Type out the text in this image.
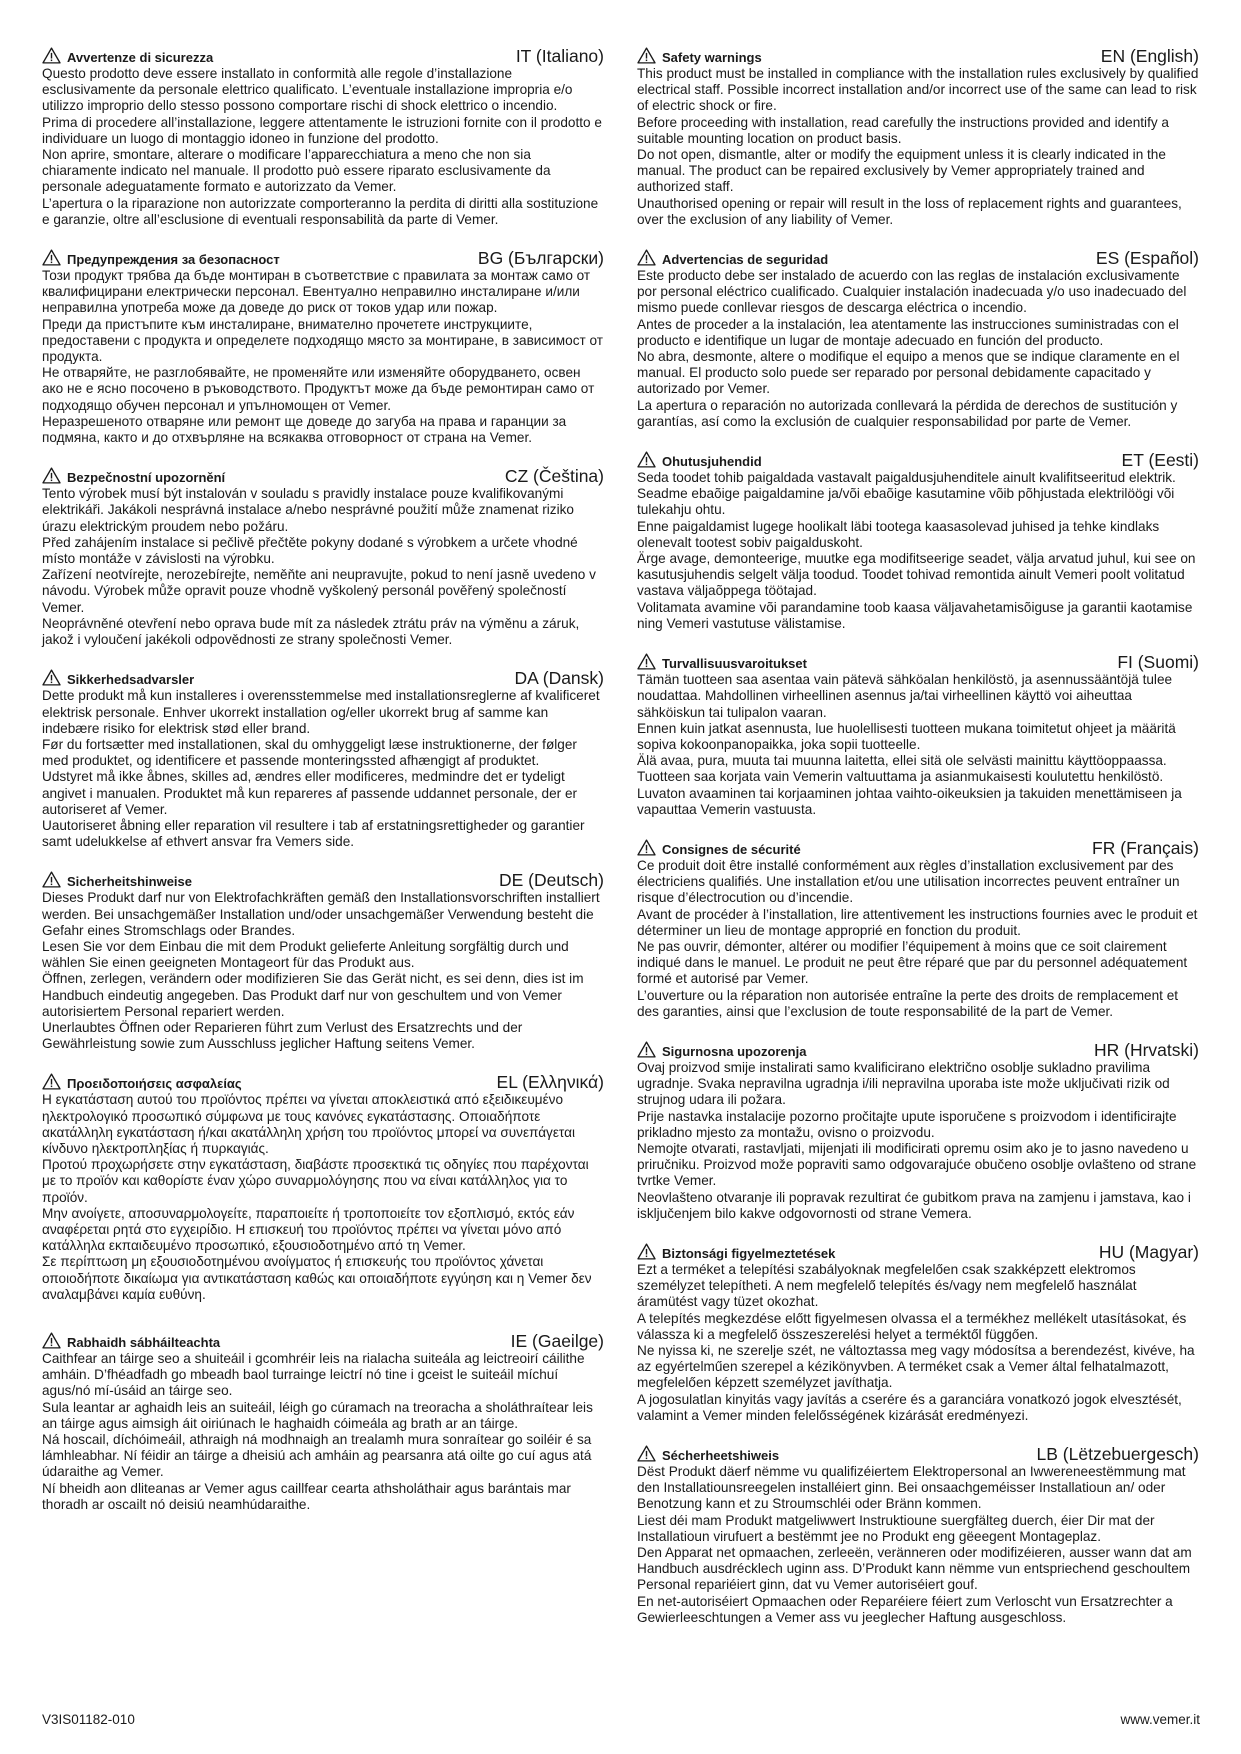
Avvertenze di sicurezza	IT (Italiano)

Questo prodotto deve essere installato in conformità alle regole d’installazione esclusivamente da personale elettrico qualificato. L’eventuale installazione impropria e/o utilizzo improprio dello stesso possono comportare rischi di shock elettrico o incendio.

Prima di procedere all’installazione, leggere attentamente le istruzioni fornite con il prodotto e individuare un luogo di montaggio idoneo in funzione del prodotto.

Non aprire, smontare, alterare o modificare l’apparecchiatura a meno che non sia chiaramente indicato nel manuale. Il prodotto può essere riparato esclusivamente da personale adeguatamente formato e autorizzato da Vemer.

L’apertura o la riparazione non autorizzate comporteranno la perdita di diritti alla sostituzione e garanzie, oltre all’esclusione di eventuali responsabilità da parte di Vemer.

Предупреждения за безопасност	BG (Български)

Този продукт трябва да бъде монтиран в съответствие с правилата за монтаж само от квалифицирани електрически персонал. Евентуално неправилно инсталиране и/или неправилна употреба може да доведе до риск от токов удар или пожар.

Преди да пристъпите към инсталиране, внимателно прочетете инструкциите, предоставени с продукта и определете подходящо място за монтиране, в зависимост от продукта.

Не отваряйте, не разглобявайте, не променяйте или изменяйте оборудването, освен ако не е ясно посочено в ръководството. Продуктът може да бъде ремонтиран само от подходящо обучен персонал и упълномощен от Vemer.

Неразрешеното отваряне или ремонт ще доведе до загуба на права и гаранции за подмяна, както и до отхвърляне на всякаква отговорност от страна на Vemer.

Bezpečnostní upozornění	CZ (Čeština)

Tento výrobek musí být instalován v souladu s pravidly instalace pouze kvalifikovanými elektrikáři. Jakákoli nesprávná instalace a/nebo nesprávné použití může znamenat riziko úrazu elektrickým proudem nebo požáru.

Před zahájením instalace si pečlivě přečtěte pokyny dodané s výrobkem a určete vhodné místo montáže v závislosti na výrobku.

Zařízení neotvírejte, nerozebírejte, neměňte ani neupravujte, pokud to není jasně uvedeno v návodu. Výrobek může opravit pouze vhodně vyškolený personál pověřený společností Vemer.

Neoprávněné otevření nebo oprava bude mít za následek ztrátu práv na výměnu a záruk, jakož i vyloučení jakékoli odpovědnosti ze strany společnosti Vemer.

Sikkerhedsadvarsler	DA (Dansk)

Dette produkt må kun installeres i overensstemmelse med installationsreglerne af kvalificeret elektrisk personale. Enhver ukorrekt installation og/eller ukorrekt brug af samme kan indebære risiko for elektrisk stød eller brand.

Før du fortsætter med installationen, skal du omhyggeligt læse instruktionerne, der følger med produktet, og identificere et passende monteringssted afhængigt af produktet.

Udstyret må ikke åbnes, skilles ad, ændres eller modificeres, medmindre det er tydeligt angivet i manualen. Produktet må kun repareres af passende uddannet personale, der er autoriseret af Vemer.

Uautoriseret åbning eller reparation vil resultere i tab af erstatningsrettigheder og garantier samt udelukkelse af ethvert ansvar fra Vemers side.

Sicherheitshinweise	DE (Deutsch)

Dieses Produkt darf nur von Elektrofachkräften gemäß den Installationsvorschriften installiert werden. Bei unsachgemäßer Installation und/oder unsachgemäßer Verwendung besteht die Gefahr eines Stromschlags oder Brandes.

Lesen Sie vor dem Einbau die mit dem Produkt gelieferte Anleitung sorgfältig durch und wählen Sie einen geeigneten Montageort für das Produkt aus.

Öffnen, zerlegen, verändern oder modifizieren Sie das Gerät nicht, es sei denn, dies ist im Handbuch eindeutig angegeben. Das Produkt darf nur von geschultem und von Vemer autorisiertem Personal repariert werden.

Unerlaubtes Öffnen oder Reparieren führt zum Verlust des Ersatzrechts und der Gewährleistung sowie zum Ausschluss jeglicher Haftung seitens Vemer.

Προειδοποιήσεις ασφαλείας	EL (Ελληνικά)

Η εγκατάσταση αυτού του προϊόντος πρέπει να γίνεται αποκλειστικά από εξειδικευμένο ηλεκτρολογικό προσωπικό σύμφωνα με τους κανόνες εγκατάστασης. Οποιαδήποτε ακατάλληλη εγκατάσταση ή/και ακατάλληλη χρήση του προϊόντος μπορεί να συνεπάγεται κίνδυνο ηλεκτροπληξίας ή πυρκαγιάς.

Προτού προχωρήσετε στην εγκατάσταση, διαβάστε προσεκτικά τις οδηγίες που παρέχονται με το προϊόν και καθορίστε έναν χώρο συναρμολόγησης που να είναι κατάλληλος για το προϊόν.

Μην ανοίγετε, αποσυναρμολογείτε, παραποιείτε ή τροποποιείτε τον εξοπλισμό, εκτός εάν αναφέρεται ρητά στο εγχειρίδιο. Η επισκευή του προϊόντος πρέπει να γίνεται μόνο από κατάλληλα εκπαιδευμένο προσωπικό, εξουσιοδοτημένο από τη Vemer.

Σε περίπτωση μη εξουσιοδοτημένου ανοίγματος ή επισκευής του προϊόντος χάνεται οποιοδήποτε δικαίωμα για αντικατάσταση καθώς και οποιαδήποτε εγγύηση και η Vemer δεν αναλαμβάνει καμία ευθύνη.

Rabhaidh sábháilteachta	IE (Gaeilge)

Caithfear an táirge seo a shuiteáil i gcomhréir leis na rialacha suiteála ag leictreoirí cáilithe amháin. D’fhéadfadh go mbeadh baol turrainge leictrí nó tine i gceist le suiteáil míchuí agus/nó mí-úsáid an táirge seo.

Sula leantar ar aghaidh leis an suiteáil, léigh go cúramach na treoracha a sholáthraítear leis an táirge agus aimsigh áit oiriúnach le haghaidh cóimeála ag brath ar an táirge.

Ná hoscail, díchóimeáil, athraigh ná modhnaigh an trealamh mura sonraítear go soiléir é sa lámhleabhar. Ní féidir an táirge a dheisiú ach amháin ag pearsanra atá oilte go cuí agus atá údaraithe ag Vemer.

Ní bheidh aon dliteanas ar Vemer agus caillfear cearta athsholáthair agus barántais mar thoradh ar oscailt nó deisiú neamhúdaraithe.

Safety warnings	EN (English)

This product must be installed in compliance with the installation rules exclusively by qualified electrical staff. Possible incorrect installation and/or incorrect use of the same can lead to risk of electric shock or fire.

Before proceeding with installation, read carefully the instructions provided and identify a suitable mounting location on product basis.

Do not open, dismantle, alter or modify the equipment unless it is clearly indicated in the manual. The product can be repaired exclusively by Vemer appropriately trained and authorized staff.

Unauthorised opening or repair will result in the loss of replacement rights and guarantees, over the exclusion of any liability of Vemer.

Advertencias de seguridad	ES (Español)

Este producto debe ser instalado de acuerdo con las reglas de instalación exclusivamente por personal eléctrico cualificado. Cualquier instalación inadecuada y/o uso inadecuado del mismo puede conllevar riesgos de descarga eléctrica o incendio.

Antes de proceder a la instalación, lea atentamente las instrucciones suministradas con el producto e identifique un lugar de montaje adecuado en función del producto.

No abra, desmonte, altere o modifique el equipo a menos que se indique claramente en el manual. El producto solo puede ser reparado por personal debidamente capacitado y autorizado por Vemer.

La apertura o reparación no autorizada conllevará la pérdida de derechos de sustitución y garantías, así como la exclusión de cualquier responsabilidad por parte de Vemer.

Ohutusjuhendid	ET (Eesti)

Seda toodet tohib paigaldada vastavalt paigaldusjuhenditele ainult kvalifitseeritud elektrik. Seadme ebaõige paigaldamine ja/või ebaõige kasutamine võib põhjustada elektrilöögi või tulekahju ohtu.

Enne paigaldamist lugege hoolikalt läbi tootega kaasasolevad juhised ja tehke kindlaks olenevalt tootest sobiv paigalduskoht.

Ärge avage, demonteerige, muutke ega modifitseerige seadet, välja arvatud juhul, kui see on kasutusjuhendis selgelt välja toodud. Toodet tohivad remontida ainult Vemeri poolt volitatud vastava väljaõppega töötajad.

Volitamata avamine või parandamine toob kaasa väljavahetamisõiguse ja garantii kaotamise ning Vemeri vastutuse välistamise.

Turvallisuusvaroitukset	FI (Suomi)

Tämän tuotteen saa asentaa vain pätevä sähköalan henkilöstö, ja asennussääntöjä tulee noudattaa. Mahdollinen virheellinen asennus ja/tai virheellinen käyttö voi aiheuttaa sähköiskun tai tulipalon vaaran.

Ennen kuin jatkat asennusta, lue huolellisesti tuotteen mukana toimitetut ohjeet ja määritä sopiva kokoonpanopaikka, joka sopii tuotteelle.

Älä avaa, pura, muuta tai muunna laitetta, ellei sitä ole selvästi mainittu käyttöoppaassa. Tuotteen saa korjata vain Vemerin valtuuttama ja asianmukaisesti koulutettu henkilöstö.

Luvaton avaaminen tai korjaaminen johtaa vaihto-oikeuksien ja takuiden menettämiseen ja vapauttaa Vemerin vastuusta.

Consignes de sécurité	FR (Français)

Ce produit doit être installé conformément aux règles d’installation exclusivement par des électriciens qualifiés. Une installation et/ou une utilisation incorrectes peuvent entraîner un risque d’électrocution ou d’incendie.

Avant de procéder à l’installation, lire attentivement les instructions fournies avec le produit et déterminer un lieu de montage approprié en fonction du produit.

Ne pas ouvrir, démonter, altérer ou modifier l’équipement à moins que ce soit clairement indiqué dans le manuel. Le produit ne peut être réparé que par du personnel adéquatement formé et autorisé par Vemer.

L’ouverture ou la réparation non autorisée entraîne la perte des droits de remplacement et des garanties, ainsi que l’exclusion de toute responsabilité de la part de Vemer.

Sigurnosna upozorenja	HR (Hrvatski)

Ovaj proizvod smije instalirati samo kvalificirano električno osoblje sukladno pravilima ugradnje. Svaka nepravilna ugradnja i/ili nepravilna uporaba iste može uključivati rizik od strujnog udara ili požara.

Prije nastavka instalacije pozorno pročitajte upute isporučene s proizvodom i identificirajte prikladno mjesto za montažu, ovisno o proizvodu.

Nemojte otvarati, rastavljati, mijenjati ili modificirati opremu osim ako je to jasno navedeno u priručniku. Proizvod može popraviti samo odgovarajuće obučeno osoblje ovlašteno od strane tvrtke Vemer.

Neovlašteno otvaranje ili popravak rezultirat će gubitkom prava na zamjenu i jamstava, kao i isključenjem bilo kakve odgovornosti od strane Vemera.

Biztonsági figyelmeztetések	HU (Magyar)

Ezt a terméket a telepítési szabályoknak megfelelően csak szakképzett elektromos személyzet telepítheti. A nem megfelelő telepítés és/vagy nem megfelelő használat áramütést vagy tüzet okozhat.

A telepítés megkezdése előtt figyelmesen olvassa el a termékhez mellékelt utasításokat, és válassza ki a megfelelő összeszerelési helyet a terméktől függően.

Ne nyissa ki, ne szerelje szét, ne változtassa meg vagy módosítsa a berendezést, kivéve, ha az egyértelműen szerepel a kézikönyvben. A terméket csak a Vemer által felhatalmazott, megfelelően képzett személyzet javíthatja.

A jogosulatlan kinyitás vagy javítás a cserére és a garanciára vonatkozó jogok elvesztését, valamint a Vemer minden felelősségének kizárását eredményezi.

Sécherheetshiweis	LB (Lëtzebuergesch)

Dëst Produkt däerf nëmme vu qualifizéiertem Elektropersonal an Iwwereneestëmmung mat den Installatiounsreegelen installéiert ginn. Bei onsaachgeméisser Installatioun an/ oder Benotzung kann et zu Stroumschléi oder Bränn kommen.

Liest déi mam Produkt matgeliwwert Instruktioune suergfälteg duerch, éier Dir mat der Installatioun virufuert a bestëmmt jee no Produkt eng gëeegent Montageplaz.

Den Apparat net opmaachen, zerleeën, veränneren oder modifizéieren, ausser wann dat am Handbuch ausdrécklech uginn ass. D’Produkt kann nëmme vun entspriechend geschoultem Personal repariéiert ginn, dat vu Vemer autoriséiert gouf.

En net-autoriséiert Opmaachen oder Reparéiere féiert zum Verloscht vun Ersatzrechter a Gewierleeschtungen a Vemer ass vu jeeglecher Haftung ausgeschloss.

V3IS01182-010	www.vemer.it
